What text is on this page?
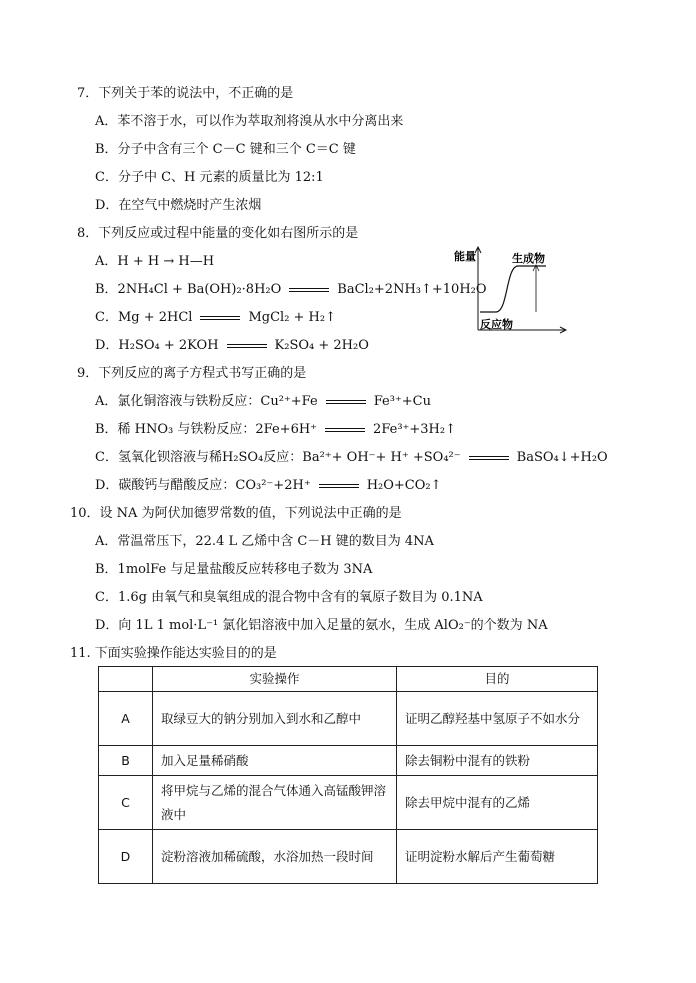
7．下列关于苯的说法中，不正确的是
A．苯不溶于水，可以作为萃取剂将溴从水中分离出来
B．分子中含有三个 C－C 键和三个 C＝C 键
C．分子中 C、H 元素的质量比为 12:1
D．在空气中燃烧时产生浓烟
8．下列反应或过程中能量的变化如右图所示的是
A．H + H → H—H
B．2NH₄Cl + Ba(OH)₂·8H₂O	BaCl₂+2NH₃↑+10H₂O
C．Mg + 2HCl	MgCl₂ + H₂↑
D．H₂SO₄ + 2KOH	K₂SO₄ + 2H₂O
能量	生成物
反应物
9．下列反应的离子方程式书写正确的是
A．氯化铜溶液与铁粉反应：Cu²⁺+Fe	Fe³⁺+Cu
B．稀 HNO₃ 与铁粉反应：2Fe+6H⁺	2Fe³⁺+3H₂↑
C．氢氧化钡溶液与稀H₂SO₄反应：Ba²⁺+ OH⁻+ H⁺ +SO₄²⁻	BaSO₄↓+H₂O
D．碳酸钙与醋酸反应：CO₃²⁻+2H⁺	H₂O+CO₂↑
10．设 NA 为阿伏加德罗常数的值，下列说法中正确的是
A．常温常压下，22.4 L 乙烯中含 C－H 键的数目为 4NA
B．1molFe 与足量盐酸反应转移电子数为 3NA
C．1.6g 由氧气和臭氧组成的混合物中含有的氧原子数目为 0.1NA
D．向 1L 1 mol·L⁻¹ 氯化铝溶液中加入足量的氨水，生成 AlO₂⁻的个数为 NA
11. 下面实验操作能达实验目的的是
	实验操作	目的
A	取绿豆大的钠分别加入到水和乙醇中	证明乙醇羟基中氢原子不如水分
B	加入足量稀硝酸	除去铜粉中混有的铁粉
C	将甲烷与乙烯的混合气体通入高锰酸钾溶液中	除去甲烷中混有的乙烯
D	淀粉溶液加稀硫酸，水浴加热一段时间	证明淀粉水解后产生葡萄糖
